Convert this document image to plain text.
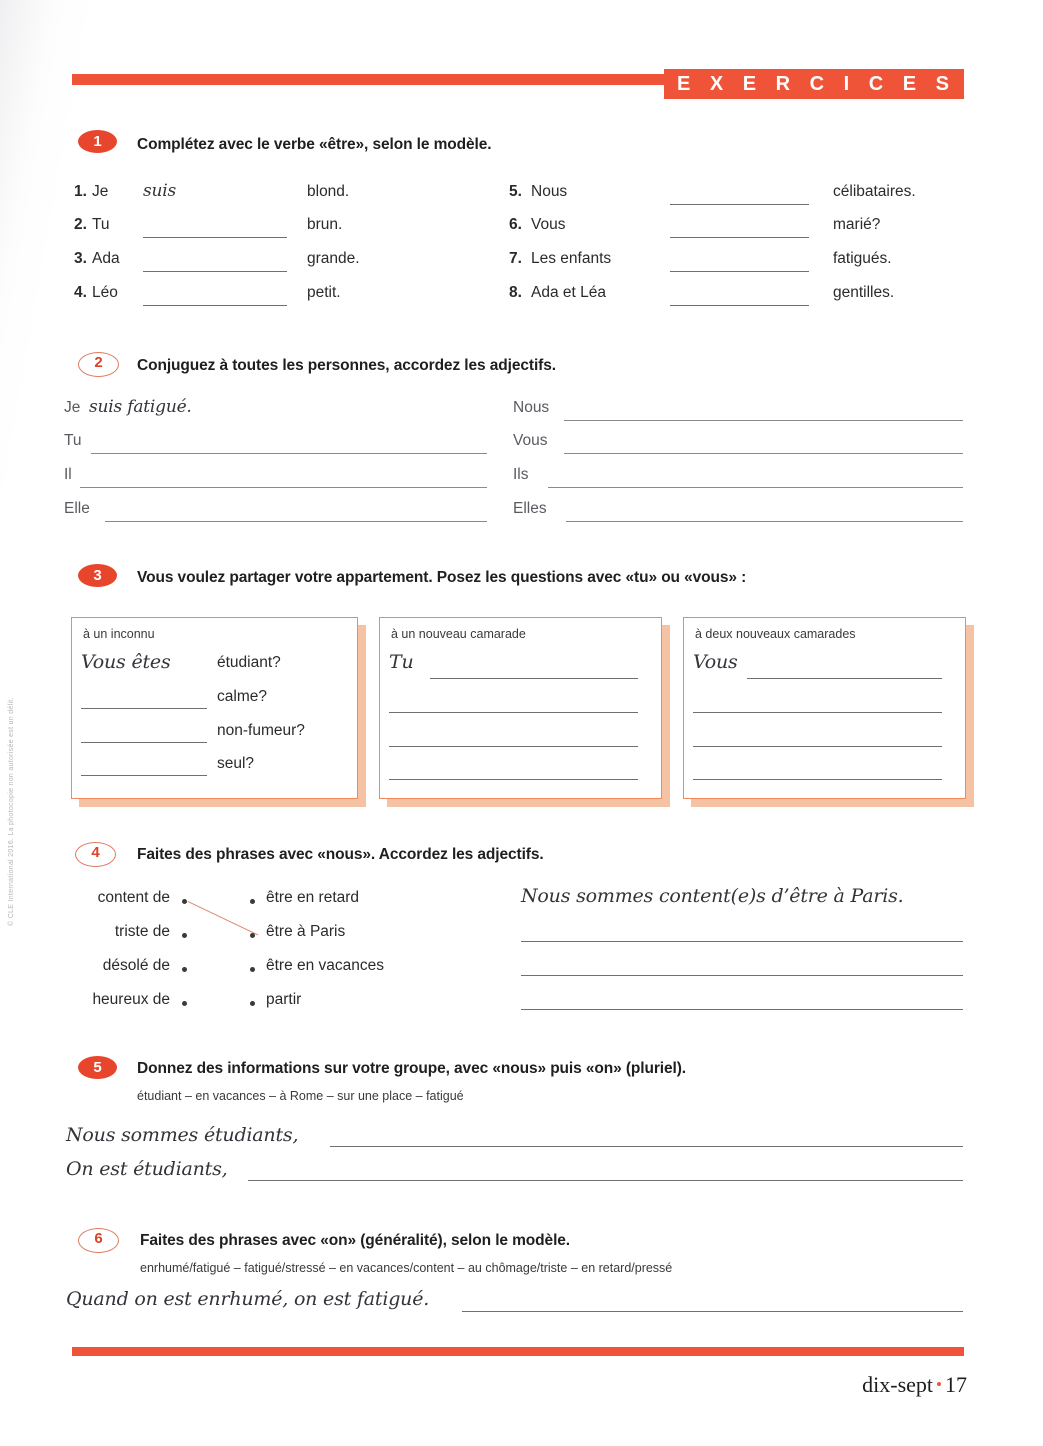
E X E R C I C E S
© CLE International 2016. La photocopie non autorisée est un délit.
1	Complétez avec le verbe «être», selon le modèle.
1. Je suis	blond.
2. Tu	brun.
3. Ada	grande.
4. Léo	petit.
5. Nous	célibataires.
6. Vous	marié?
7. Les enfants	fatigués.
8. Ada et Léa	gentilles.
2	Conjuguez à toutes les personnes, accordez les adjectifs.
Je suis fatigué.
Tu
Il
Elle
Nous
Vous
Ils
Elles
3	Vous voulez partager votre appartement. Posez les questions avec «tu» ou «vous» :
à un inconnu
Vous êtes	étudiant?
calme?
non-fumeur?
seul?
à un nouveau camarade
Tu
à deux nouveaux camarades
Vous
4	Faites des phrases avec «nous». Accordez les adjectifs.
content de
triste de
désolé de
heureux de
être en retard
être à Paris
être en vacances
partir
Nous sommes content(e)s d’être à Paris.
5	Donnez des informations sur votre groupe, avec «nous» puis «on» (pluriel).
étudiant – en vacances – à Rome – sur une place – fatigué
Nous sommes étudiants,
On est étudiants,
6	Faites des phrases avec «on» (généralité), selon le modèle.
enrhumé/fatigué – fatigué/stressé – en vacances/content – au chômage/triste – en retard/pressé
Quand on est enrhumé, on est fatigué.
dix-sept • 17
